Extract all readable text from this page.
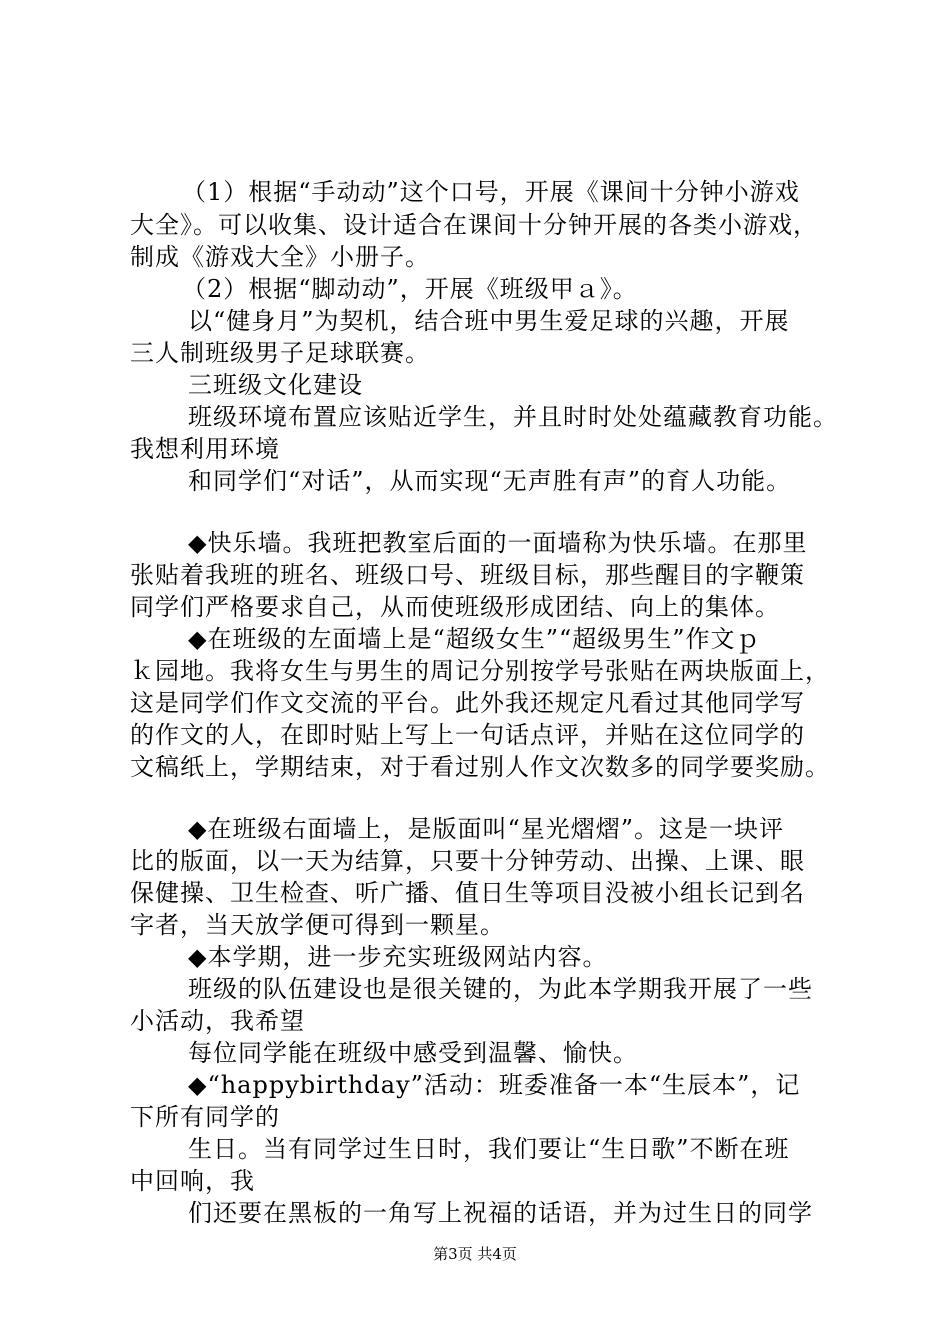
（1）根据“手动动”这个口号，开展《课间十分钟小游戏

大全》。可以收集、设计适合在课间十分钟开展的各类小游戏，

制成《游戏大全》小册子。

（2）根据“脚动动”，开展《班级甲ａ》。

以“健身月”为契机，结合班中男生爱足球的兴趣，开展

三人制班级男子足球联赛。

三班级文化建设

班级环境布置应该贴近学生，并且时时处处蕴藏教育功能。

我想利用环境

和同学们“对话”，从而实现“无声胜有声”的育人功能。

◆快乐墙。我班把教室后面的一面墙称为快乐墙。在那里

张贴着我班的班名、班级口号、班级目标，那些醒目的字鞭策

同学们严格要求自己，从而使班级形成团结、向上的集体。

◆在班级的左面墙上是“超级女生”“超级男生”作文ｐ

ｋ园地。我将女生与男生的周记分别按学号张贴在两块版面上，

这是同学们作文交流的平台。此外我还规定凡看过其他同学写

的作文的人，在即时贴上写上一句话点评，并贴在这位同学的

文稿纸上，学期结束，对于看过别人作文次数多的同学要奖励。

◆在班级右面墙上，是版面叫“星光熠熠”。这是一块评

比的版面，以一天为结算，只要十分钟劳动、出操、上课、眼

保健操、卫生检查、听广播、值日生等项目没被小组长记到名

字者，当天放学便可得到一颗星。

◆本学期，进一步充实班级网站内容。

班级的队伍建设也是很关键的，为此本学期我开展了一些

小活动，我希望

每位同学能在班级中感受到温馨、愉快。

◆“happybirthday”活动：班委准备一本“生辰本”，记

下所有同学的

生日。当有同学过生日时，我们要让“生日歌”不断在班

中回响，我

们还要在黑板的一角写上祝福的话语，并为过生日的同学

第3页 共4页
